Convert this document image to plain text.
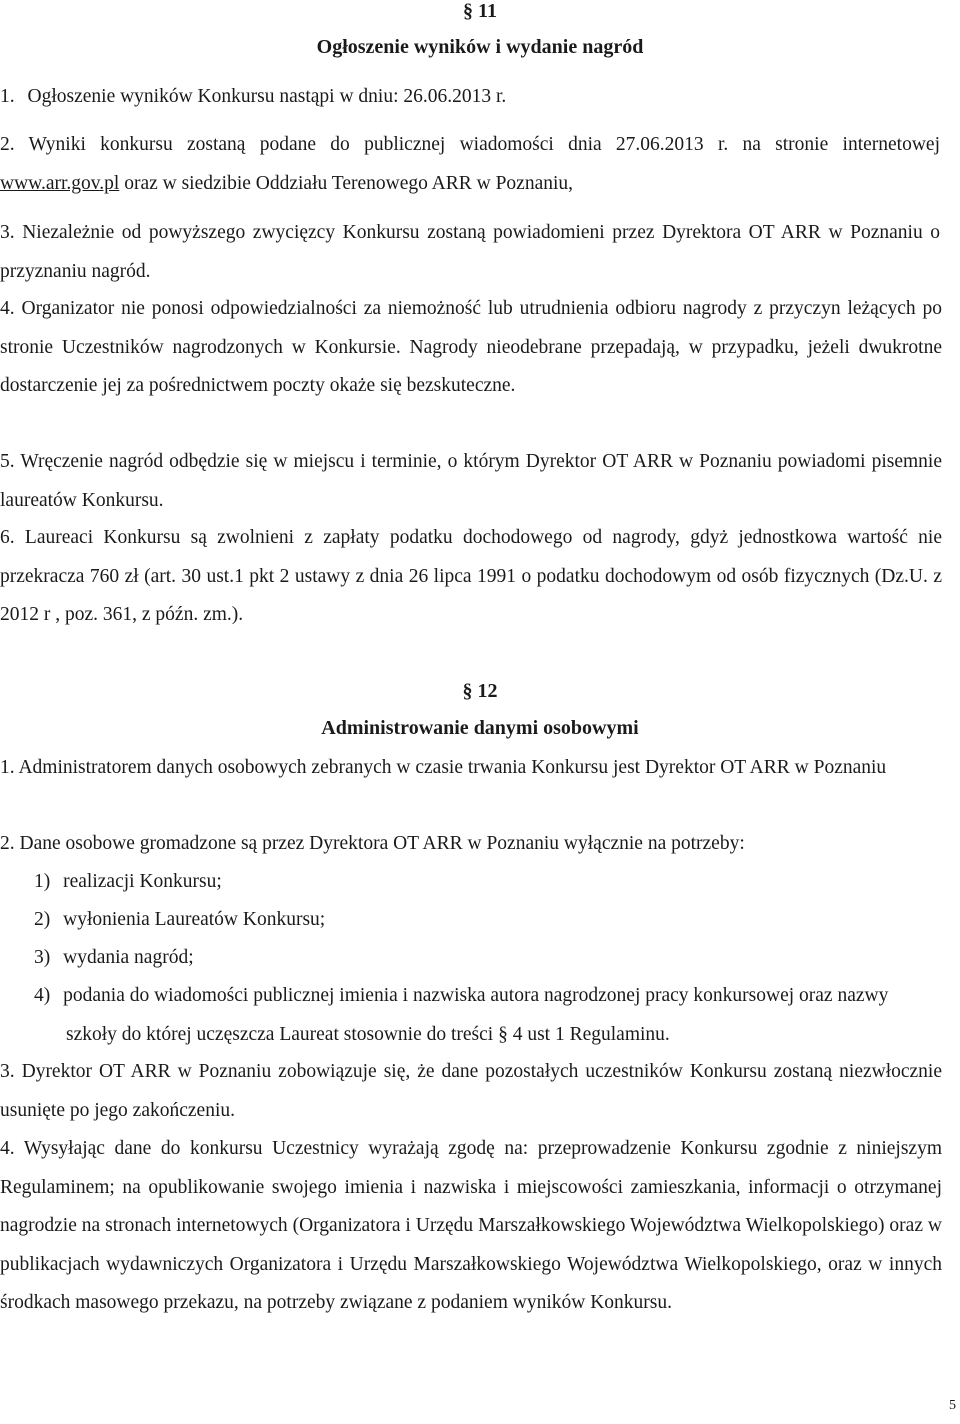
§ 11
Ogłoszenie wyników i wydanie nagród
1. Ogłoszenie wyników Konkursu nastąpi w dniu: 26.06.2013 r.
2. Wyniki konkursu zostaną podane do publicznej wiadomości dnia 27.06.2013 r. na stronie internetowej www.arr.gov.pl oraz w siedzibie Oddziału Terenowego ARR w Poznaniu,
3. Niezależnie od powyższego zwycięzcy Konkursu zostaną powiadomieni przez Dyrektora OT ARR w Poznaniu o przyznaniu nagród.
4. Organizator nie ponosi odpowiedzialności za niemożność lub utrudnienia odbioru nagrody z przyczyn leżących po stronie Uczestników nagrodzonych w Konkursie. Nagrody nieodebrane przepadają, w przypadku, jeżeli dwukrotne dostarczenie jej za pośrednictwem poczty okaże się bezskuteczne.
5. Wręczenie nagród odbędzie się w miejscu i terminie, o którym Dyrektor OT ARR w Poznaniu powiadomi pisemnie laureatów Konkursu.
6. Laureaci Konkursu są zwolnieni z zapłaty podatku dochodowego od nagrody, gdyż jednostkowa wartość nie przekracza 760 zł (art. 30 ust.1 pkt 2 ustawy z dnia 26 lipca 1991 o podatku dochodowym od osób fizycznych (Dz.U. z 2012 r , poz. 361, z późn. zm.).
§ 12
Administrowanie danymi osobowymi
1. Administratorem danych osobowych zebranych w czasie trwania Konkursu jest Dyrektor OT ARR w Poznaniu
2. Dane osobowe gromadzone są przez Dyrektora OT ARR w Poznaniu wyłącznie na potrzeby:
1) realizacji Konkursu;
2) wyłonienia Laureatów Konkursu;
3) wydania nagród;
4) podania do wiadomości publicznej imienia i nazwiska autora nagrodzonej pracy konkursowej oraz nazwy szkoły do której uczęszcza Laureat stosownie do treści § 4 ust 1 Regulaminu.
3. Dyrektor OT ARR w Poznaniu zobowiązuje się, że dane pozostałych uczestników Konkursu zostaną niezwłocznie usunięte po jego zakończeniu.
4. Wysyłając dane do konkursu Uczestnicy wyrażają zgodę na: przeprowadzenie Konkursu zgodnie z niniejszym Regulaminem; na opublikowanie swojego imienia i nazwiska i miejscowości zamieszkania, informacji o otrzymanej nagrodzie na stronach internetowych (Organizatora i Urzędu Marszałkowskiego Województwa Wielkopolskiego) oraz w publikacjach wydawniczych Organizatora i Urzędu Marszałkowskiego Województwa Wielkopolskiego, oraz w innych środkach masowego przekazu, na potrzeby związane z podaniem wyników Konkursu.
5
